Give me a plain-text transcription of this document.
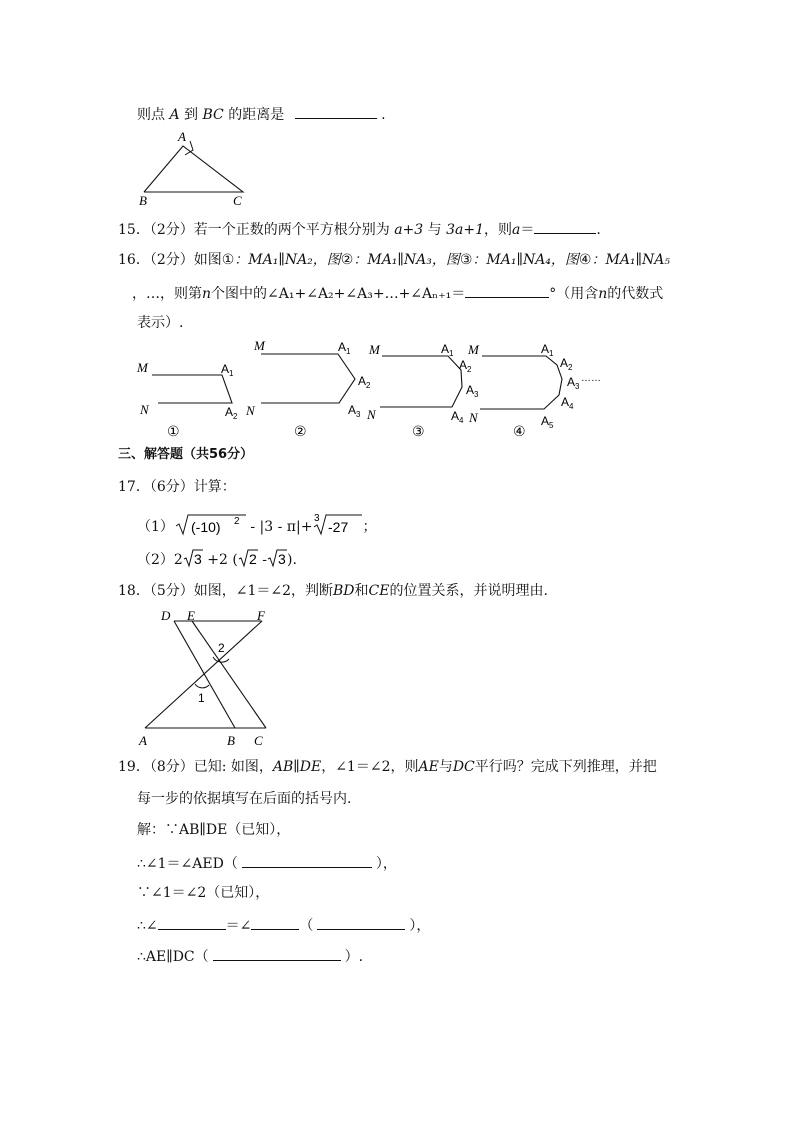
则点 A 到 BC 的距离是	.
A
B	C
15．（2分）若一个正数的两个平方根分别为 a+3 与 3a+1，则a＝	.
16．（2分）如图①：MA₁∥NA₂，图②：MA₁∥NA₃，图③：MA₁∥NA₄，图④：MA₁∥NA₅
，…，则第n个图中的∠A₁+∠A₂+∠A₃+…+∠Aₙ₊₁＝	°（用含n的代数式
表示）.
M
N
$A_1$
$A_2$
①
M
N
$A_1$
$A_2$
$A_3$
②
M
N
$A_1$
$A_2$
$A_3$
$A_4$
③
M
N
$A_1$
$A_2$
$A_3$
$A_4$
$A_5$
……
④
三、解答题（共56分）
17．（6分）计算：
（1） (-10) 2 - |3 - π|+
3
-27 ；
（2）2 3 +2 ( 2 - 3 ).
18．（5分）如图，∠1＝∠2，判断BD和CE的位置关系，并说明理由.
D E	F
A	B C
1
2
19．（8分）已知: 如图，AB∥DE，∠1＝∠2，则AE与DC平行吗？完成下列推理，并把
每一步的依据填写在后面的括号内.
解：∵AB∥DE（已知），
∴∠1＝∠AED（	），
∵∠1＝∠2（已知），
∴∠	＝∠	（	），
∴AE∥DC（	）.
